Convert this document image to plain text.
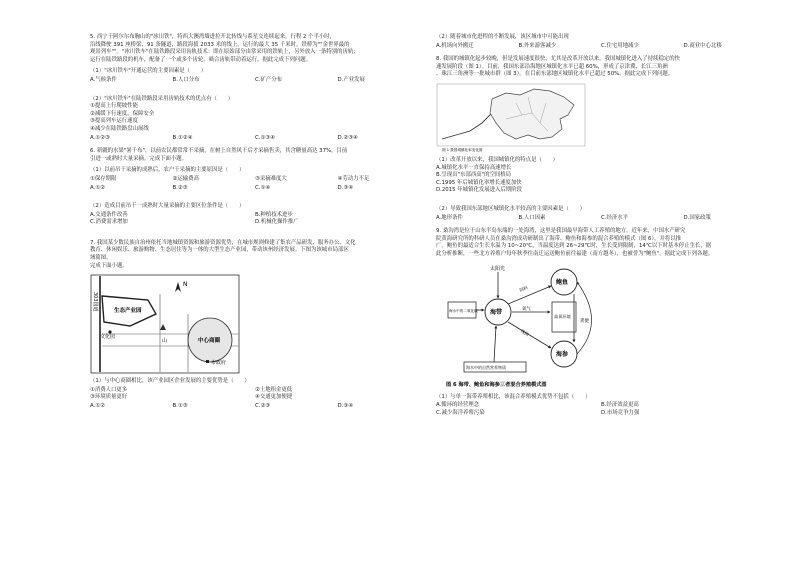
5. 西宁于阿尔尔布胸山的"冰川铁"，特西大澳湾墙进拉开北转线与系星交连续起来，行程 2 个半小时，

沿线降驶 391 座桥梁、91 条隧道，路段海拔 2033 米的线上，运行的最大 35 千米时。铁桥为""金世界最的

观景列车""。"冰川铁车"在陆铁路段采用齿轨技术：即在原始部分由常采用的铁轨上，另外放入一条特别的齿轨；

运行在陆铁路段的机车，配备了一个或多个齿轮，啮合齿轨带动着运行。据此完成下列问题。

（1）"冰川铁车"开通运营的主要因素是（　　）
A.气候条件	B.人口分布	C.矿产分布	D.产业发展
（2）"冰川铁车"在陆铁路段采用齿轨技术的优点有（　　）
①提高上行爬坡性能
②减缓下行速度，保障安全
③提高列车运行速度
④减少在陆铁路盘山展线
A.①②③	B.①②④	C.①③④	D.②③④

6. 新疆的水果"暑千布"，以前农民都常常不采摘，在树上自然风干后才采摘售卖，其含糖量高达 37%，目前

引进一或熟时大量采摘。完成下面小题。

（1）以前吊干采摘的成熟后，农户干采摘的主要原因是（　　）
①保存期限	②运输费高	③采摘难度大	④劳动力不足
A.①②	B.②③	C.①④	D.③④
（2）造成目前吊干一成熟时大量采摘的主要区位条件是（　　）
A.交通条件改善	B.种植技术进步
C.消费需求增加	D.机械化操作推广

7. 我国某少数民族自治州依托当地城镇资源和旅游资源优势，在城市规则修建了集农产品研发、服务办公、文化

教育、休闲娱乐、旅游购物、生态居住等为一体的大型生态产业园，带动该州经济发展。下图为该城市局部区

域简图。

完成下面小题。

303国道	生态产业园
文化园
山	中心商圈
市政府
N
（1）与中心商圈相比，该产业园区企业发展的主要优势是（　　）
①消费人口更多	②土地租金更低
③环境质量更好	④交通更加便捷
A.①②	B.①③	C.②③	D.③④
（2）随着城市化进程的不断发展，该区城市中可能出现
A.机场向外搬迁	B.外来游客减少	C.住宅用地减少	D.商业中心北移

8. 我国的城镇化起步较晚，但是发展速度很快，尤其是改革开放以来，我国城镇化进入了持续稳定的快

速发展阶段（图 1）。目前，我国东部沿海地区城镇化水平已超 60%，形成了京津冀、长江三角洲

、珠江三角洲等一批城市群（图 3）。在目前东部地区城镇化水平已超过 50%。据此完成下列问题。

图 1 我国城镇化率变化图
（1）改革开放以来，我国城镇化的特点是（　　）
A.城镇化水平一直保持高速增长
B.呈现出"东部西高"的空间格局
C.1995 年后城镇化率增长速度加快
D.2015 年城镇化发展进入后期阶段
（2）导致我国东部地区城镇化水平较高的主要因素是（　　）
A.地形条件	B.人口因素	C.经济水平	D.国家政策

9. 桑沟湾是位于山东半岛东端的一处海湾，这里是我国最早海带人工养殖的地方。近年来，中国水产研究

院黄海研究所的科研人员在桑沟湾成功研制出了海带、鲍鱼和海参的混合养殖的模式（图 6），并将以推

广。鲍鱼的最适合生长水温为 10~20℃，当温度达到 26~29℃时，生长受到限制，14℃以下时基本停止生长，据

此分析推断，一些北方养殖户每年秋季往南迁运送鲍鱼前往福建（南方越冬），也被誉为"鲍鱼"。据此完成下列各题。

太阳光
海水中的二氧化碳 海带
鲍鱼
海参
高氧环境
饲料
氧气
残饵
粪便
海水中的自然营养物质
图 6 海带、鲍鱼和海参三者混合养殖模式图
（1）与单一海带养殖相比，该混合养殖模式优势不包括（　　）
A.循环的经营理念	B.经济效益更高
C.减少海洋养殖污染	D.市场竞争力强
